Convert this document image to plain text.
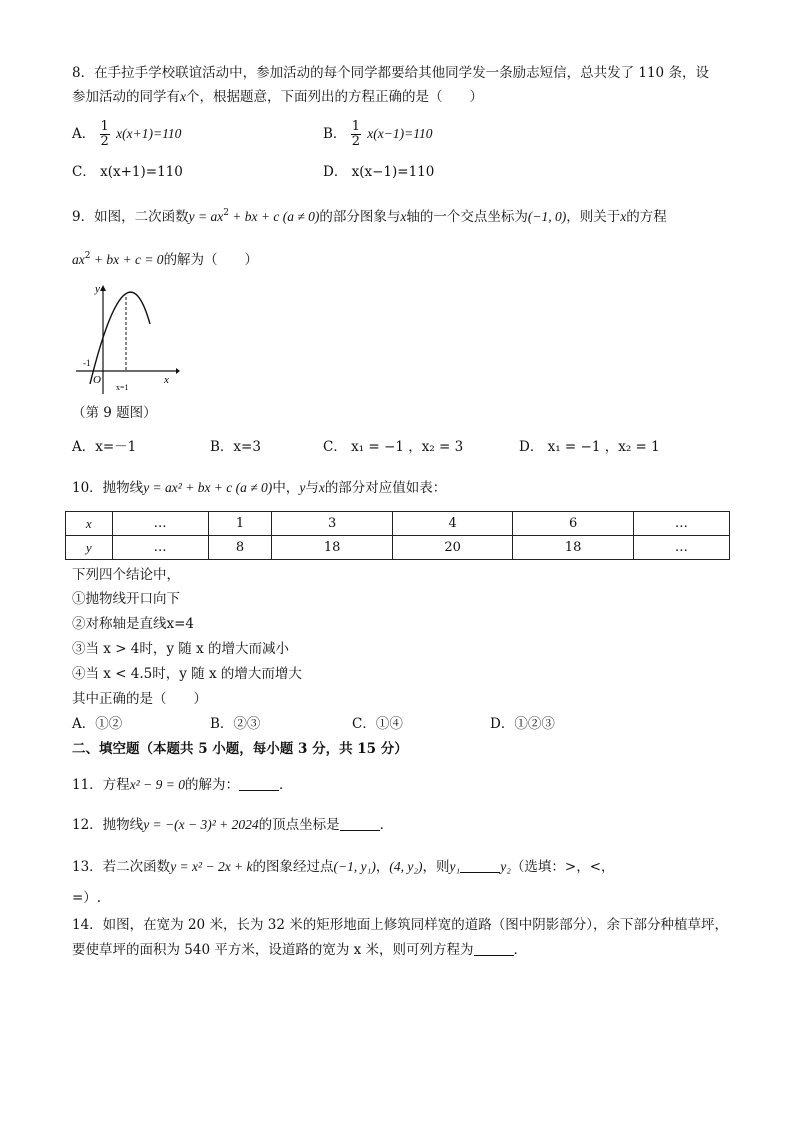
8．在手拉手学校联谊活动中，参加活动的每个同学都要给其他同学发一条励志短信，总共发了 110 条，设
参加活动的同学有x个，根据题意，下面列出的方程正确的是（　　）
A． $\frac{1}{2} x(x+1)=110$	B． $\frac{1}{2} x(x-1)=110$
C． x(x+1)=110	D． x(x−1)=110
9．如图，二次函数$y = ax^2$ + bx + c (a ≠ 0)的部分图象与x轴的一个交点坐标为(−1, 0)，则关于x的方程
$ax^2$ + bx + c = 0的解为（　　）
y
x
-1
O
x=1
（第 9 题图）
A．x=－1	B．x=3	C． x₁ = −1 ，x₂ = 3	D． x₁ = −1 ，x₂ = 1
10．抛物线y = ax² + bx + c (a ≠ 0)中，y与x的部分对应值如表：
x	…	1	3	4	6	…
y	…	8	18	20	18	…
下列四个结论中，
①抛物线开口向下
②对称轴是直线x=4
③当 x > 4时，y 随 x 的增大而减小
④当 x < 4.5时，y 随 x 的增大而增大
其中正确的是（　　）
A．①②	B．②③	C．①④	D．①②③
二、填空题（本题共 5 小题，每小题 3 分，共 15 分）
11．方程x² − 9 = 0的解为：	．
12．抛物线y = −(x − 3)² + 2024的顶点坐标是	．
13．若二次函数y = x² − 2x + k的图象经过点(−1, y₁)，(4, y₂)，则y₁	y₂（选填：>，<，
=）.
14．如图，在宽为 20 米，长为 32 米的矩形地面上修筑同样宽的道路（图中阴影部分），余下部分种植草坪，
要使草坪的面积为 540 平方米，设道路的宽为 x 米，则可列方程为	．
